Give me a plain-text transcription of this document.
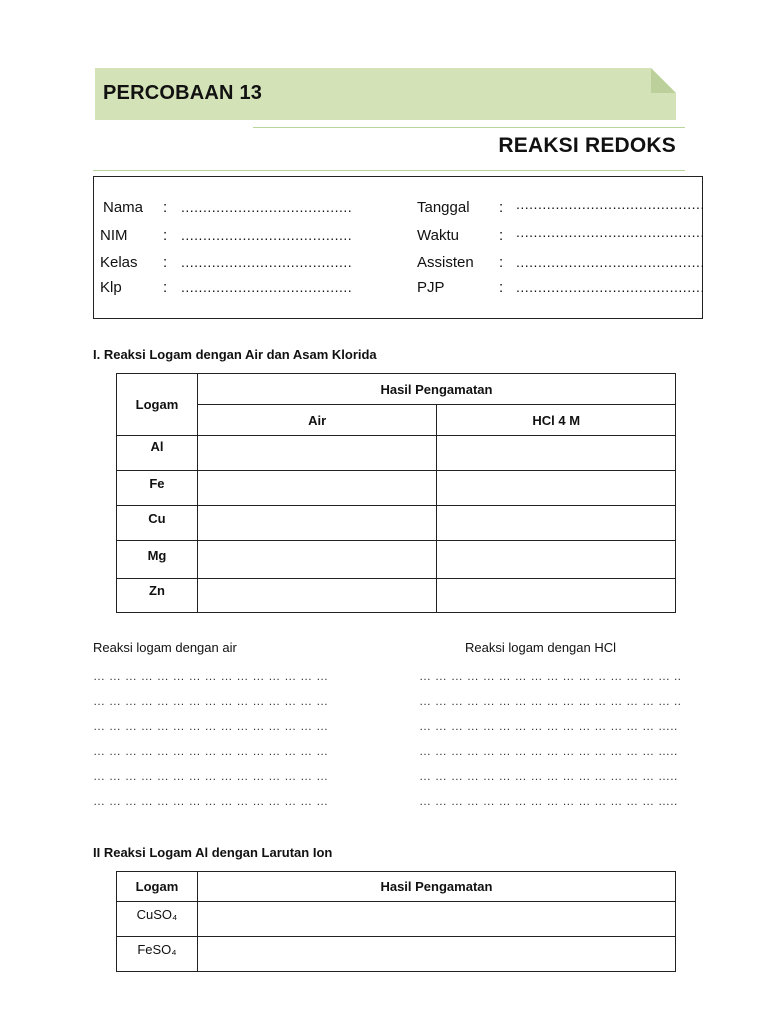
PERCOBAAN 13
REAKSI REDOKS
Nama : .......................................
NIM : .......................................
Kelas : .......................................
Klp	: .......................................
Tanggal : ...........................................
Waktu	: ...........................................
Assisten : ...........................................
PJP	: ...........................................
I. Reaksi Logam dengan Air dan Asam Klorida
Logam	Hasil Pengamatan	
	Air	HCl 4 M
Al		
Fe		
Cu		
Mg		
Zn		
Reaksi logam dengan air	Reaksi logam dengan HCl
… … … … … … … … … … … … … … …
… … … … … … … … … … … … … … …
… … … … … … … … … … … … … … …
… … … … … … … … … … … … … … …
… … … … … … … … … … … … … … …
… … … … … … … … … … … … … … …
… … … … … … … … … … … … … … … … ..
… … … … … … … … … … … … … … … … ..
… … … … … … … … … … … … … … … …..
… … … … … … … … … … … … … … … …..
… … … … … … … … … … … … … … … …..
… … … … … … … … … … … … … … … …..
II Reaksi Logam Al dengan Larutan Ion
Logam	Hasil Pengamatan
CuSO₄	
FeSO₄	
